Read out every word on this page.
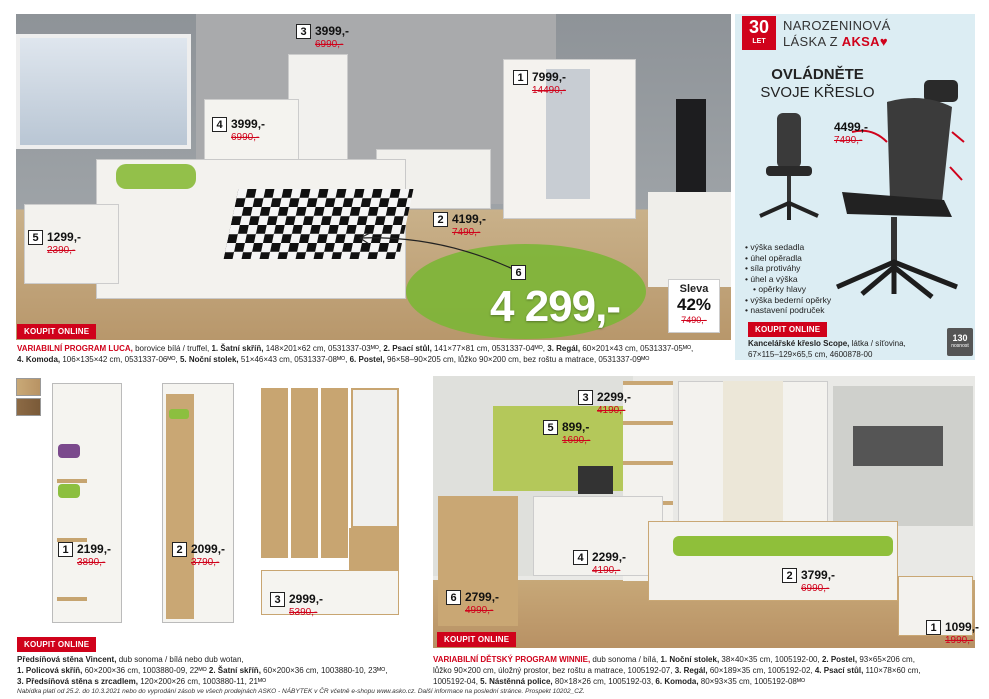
3 3999,-
6990,-
1 7999,-
14490,-
4 3999,-
6990,-
2 4199,-
7490,-
5 1299,-
2390,-
6
4 299,-	Sleva
42%
7490,-
KOUPIT ONLINE
VARIABILNÍ PROGRAM LUCA, borovice bílá / truffel, 1. Šatní skříň, 148×201×62 cm, 0531337-03ᴹᴼ, 2. Psací stůl, 141×77×81 cm, 0531337-04ᴹᴼ, 3. Regál, 60×201×43 cm, 0531337-05ᴹᴼ,
4. Komoda, 106×135×42 cm, 0531337-06ᴹᴼ, 5. Noční stolek, 51×46×43 cm, 0531337-08ᴹᴼ, 6. Postel, 96×58–90×205 cm, lůžko 90×200 cm, bez roštu a matrace, 0531337-09ᴹᴼ
30
LET
NAROZENINOVÁ
LÁSKA Z AKSA♥
OVLÁDNĚTE
SVOJE KŘESLO
4499,-
7490,-
• výška sedadla
• úhel opěradla
• síla protiváhy
• úhel a výška
• opěrky hlavy
• výška bederní opěrky
• nastavení područek
KOUPIT ONLINE
130
nosnost
Kancelářské křeslo Scope, látka / síťovina,
67×115–129×65,5 cm, 4600878-00
1 2199,-
3890,-
2 2099,-
3790,-
3 2999,-
5390,-
KOUPIT ONLINE
Předsíňová stěna Vincent, dub sonoma / bílá nebo dub wotan,
1. Policová skříň, 60×200×36 cm, 1003880-09, 22ᴹᴼ 2. Šatní skříň, 60×200×36 cm, 1003880-10, 23ᴹᴼ,
3. Předsíňová stěna s zrcadlem, 120×200×26 cm, 1003880-11, 21ᴹᴼ
3 2299,-
4190,-
5 899,-
1690,-
4 2299,-
4190,-	2 3799,-
6990,-
6 2799,-
4990,-
1 1099,-
1990,-
KOUPIT ONLINE
VARIABILNÍ DĚTSKÝ PROGRAM WINNIE, dub sonoma / bílá, 1. Noční stolek, 38×40×35 cm, 1005192-00, 2. Postel, 93×65×206 cm,
lůžko 90×200 cm, úložný prostor, bez roštu a matrace, 1005192-07, 3. Regál, 60×189×35 cm, 1005192-02, 4. Psací stůl, 110×78×60 cm,
1005192-04, 5. Nástěnná police, 80×18×26 cm, 1005192-03, 6. Komoda, 80×93×35 cm, 1005192-08ᴹᴼ
Nabídka platí od 25.2. do 10.3.2021 nebo do vyprodání zásob ve všech prodejnách ASKO - NÁBYTEK v ČR včetně e-shopu www.asko.cz. Další informace na poslední stránce. Prospekt 10202_CZ.
